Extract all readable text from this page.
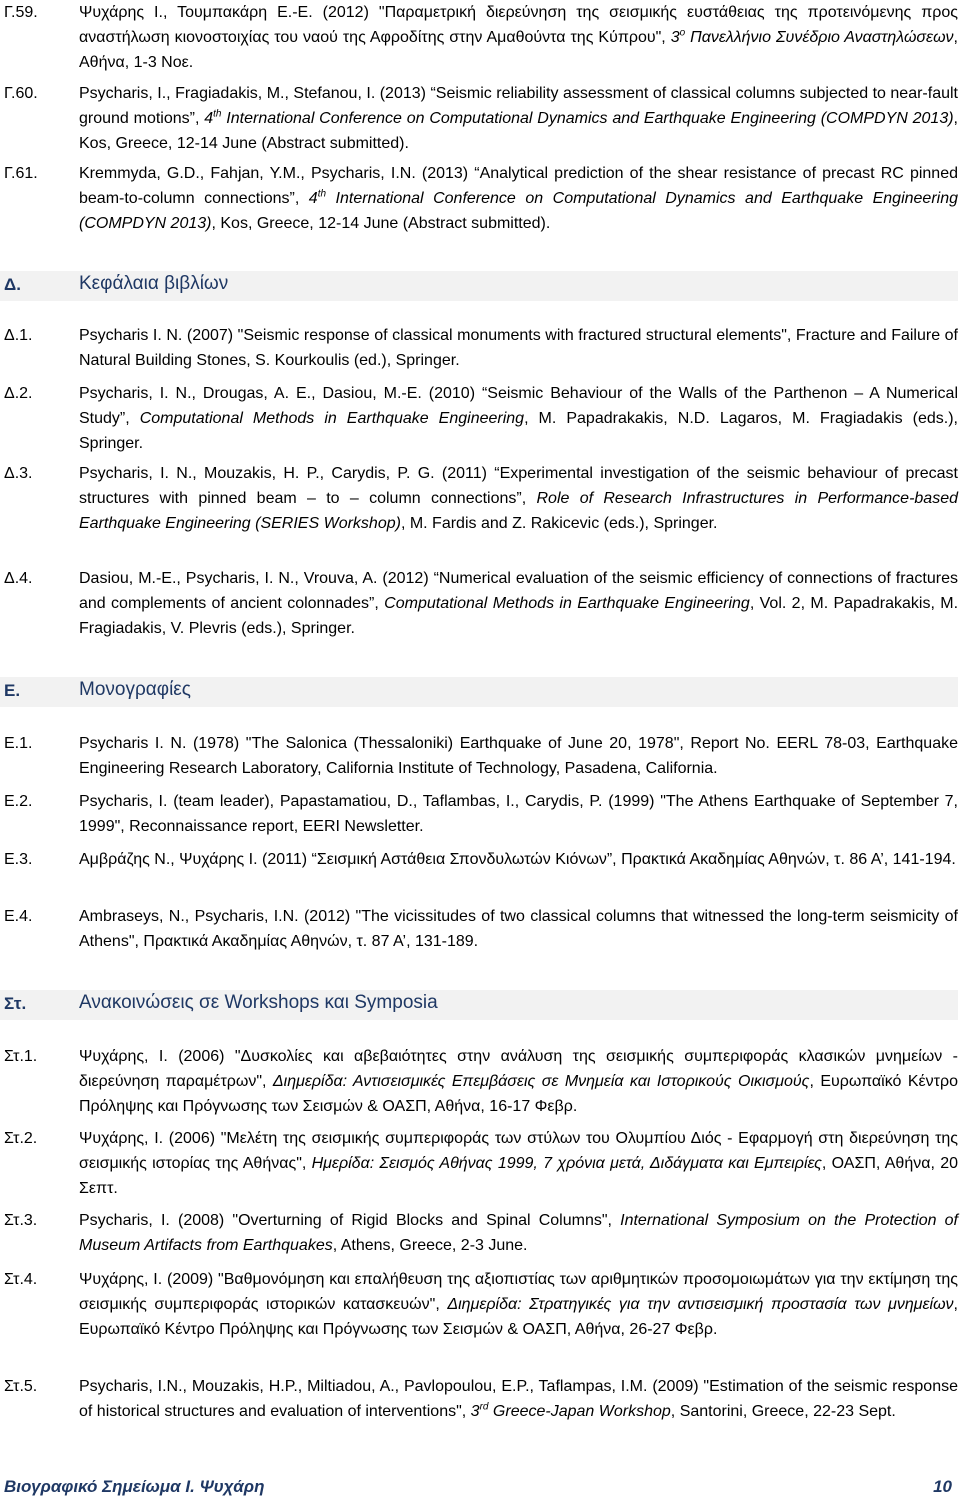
Γ.59.	Ψυχάρης Ι., Τουμπακάρη Ε.-Ε. (2012) "Παραμετρική διερεύνηση της σεισμικής ευστάθειας της προτεινόμενης προς αναστήλωση κιονοστοιχίας του ναού της Αφροδίτης στην Αμαθούντα της Κύπρου", $3^o$ Πανελλήνιο Συνέδριο Αναστηλώσεων, Αθήνα, 1-3 Νοε.
Γ.60.	Psycharis, I., Fragiadakis, M., Stefanou, I. (2013) “Seismic reliability assessment of classical columns subjected to near-fault ground motions”, 4th International Conference on Computational Dynamics and Earthquake Engineering (COMPDYN 2013), Kos, Greece, 12-14 June (Abstract submitted).
Γ.61.	Kremmyda, G.D., Fahjan, Y.M., Psycharis, I.N. (2013) “Analytical prediction of the shear resistance of precast RC pinned beam-to-column connections”, 4th International Conference on Computational Dynamics and Earthquake Engineering (COMPDYN 2013), Kos, Greece, 12-14 June (Abstract submitted).
Δ.	Κεφάλαια βιβλίων
Δ.1.	Psycharis I. N. (2007) "Seismic response of classical monuments with fractured structural elements", Fracture and Failure of Natural Building Stones, S. Kourkoulis (ed.), Springer.
Δ.2.	Psycharis, I. N., Drougas, A. E., Dasiou, M.-E. (2010) “Seismic Behaviour of the Walls of the Parthenon – A Numerical Study”, Computational Methods in Earthquake Engineering, M. Papadrakakis, N.D. Lagaros, M. Fragiadakis (eds.), Springer.
Δ.3.	Psycharis, I. N., Mouzakis, H. P., Carydis, P. G. (2011) “Experimental investigation of the seismic behaviour of precast structures with pinned beam – to – column connections”, Role of Research Infrastructures in Performance-based Earthquake Engineering (SERIES Workshop), M. Fardis and Z. Rakicevic (eds.), Springer.
Δ.4.	Dasiou, M.-E., Psycharis, I. N., Vrouva, A. (2012) “Numerical evaluation of the seismic efficiency of connections of fractures and complements of ancient colonnades”, Computational Methods in Earthquake Engineering, Vol. 2, M. Papadrakakis, M. Fragiadakis, V. Plevris (eds.), Springer.
Ε.	Μονογραφίες
Ε.1.	Psycharis I. N. (1978) "The Salonica (Thessaloniki) Earthquake of June 20, 1978", Report No. EERL 78-03, Earthquake Engineering Research Laboratory, California Institute of Technology, Pasadena, California.
Ε.2.	Psycharis, I. (team leader), Papastamatiou, D., Taflambas, I., Carydis, P. (1999) "The Athens Earthquake of September 7, 1999", Reconnaissance report, EERI Newsletter.
Ε.3.	Αμβράζης Ν., Ψυχάρης Ι. (2011) “Σεισμική Αστάθεια Σπονδυλωτών Κιόνων”, Πρακτικά Ακαδημίας Αθηνών, τ. 86 Α’, 141-194.
Ε.4.	Ambraseys, N., Psycharis, I.N. (2012) "The vicissitudes of two classical columns that witnessed the long-term seismicity of Athens", Πρακτικά Ακαδημίας Αθηνών, τ. 87 Α’, 131-189.
Στ.	Ανακοινώσεις σε Workshops και Symposia
Στ.1.	Ψυχάρης, Ι. (2006) "Δυσκολίες και αβεβαιότητες στην ανάλυση της σεισμικής συμπεριφοράς κλασικών μνημείων - διερεύνηση παραμέτρων", Διημερίδα: Αντισεισμικές Επεμβάσεις σε Μνημεία και Ιστορικούς Οικισμούς, Ευρωπαϊκό Κέντρο Πρόληψης και Πρόγνωσης των Σεισμών & ΟΑΣΠ, Αθήνα, 16-17 Φεβρ.
Στ.2.	Ψυχάρης, Ι. (2006) "Μελέτη της σεισμικής συμπεριφοράς των στύλων του Ολυμπίου Διός - Εφαρμογή στη διερεύνηση της σεισμικής ιστορίας της Αθήνας", Ημερίδα: Σεισμός Αθήνας 1999, 7 χρόνια μετά, Διδάγματα και Εμπειρίες, ΟΑΣΠ, Αθήνα, 20 Σεπτ.
Στ.3.	Psycharis, I. (2008) "Overturning of Rigid Blocks and Spinal Columns", International Symposium on the Protection of Museum Artifacts from Earthquakes, Athens, Greece, 2-3 June.
Στ.4.	Ψυχάρης, Ι. (2009) "Βαθμονόμηση και επαλήθευση της αξιοπιστίας των αριθμητικών προσομοιωμάτων για την εκτίμηση της σεισμικής συμπεριφοράς ιστορικών κατασκευών", Διημερίδα: Στρατηγικές για την αντισεισμική προστασία των μνημείων, Ευρωπαϊκό Κέντρο Πρόληψης και Πρόγνωσης των Σεισμών & ΟΑΣΠ, Αθήνα, 26-27 Φεβρ.
Στ.5.	Psycharis, I.N., Mouzakis, H.P., Miltiadou, A., Pavlopoulou, E.P., Taflampas, I.M. (2009) "Estimation of the seismic response of historical structures and evaluation of interventions", 3rd Greece-Japan Workshop, Santorini, Greece, 22-23 Sept.
Βιογραφικό Σημείωμα Ι. Ψυχάρη	10
